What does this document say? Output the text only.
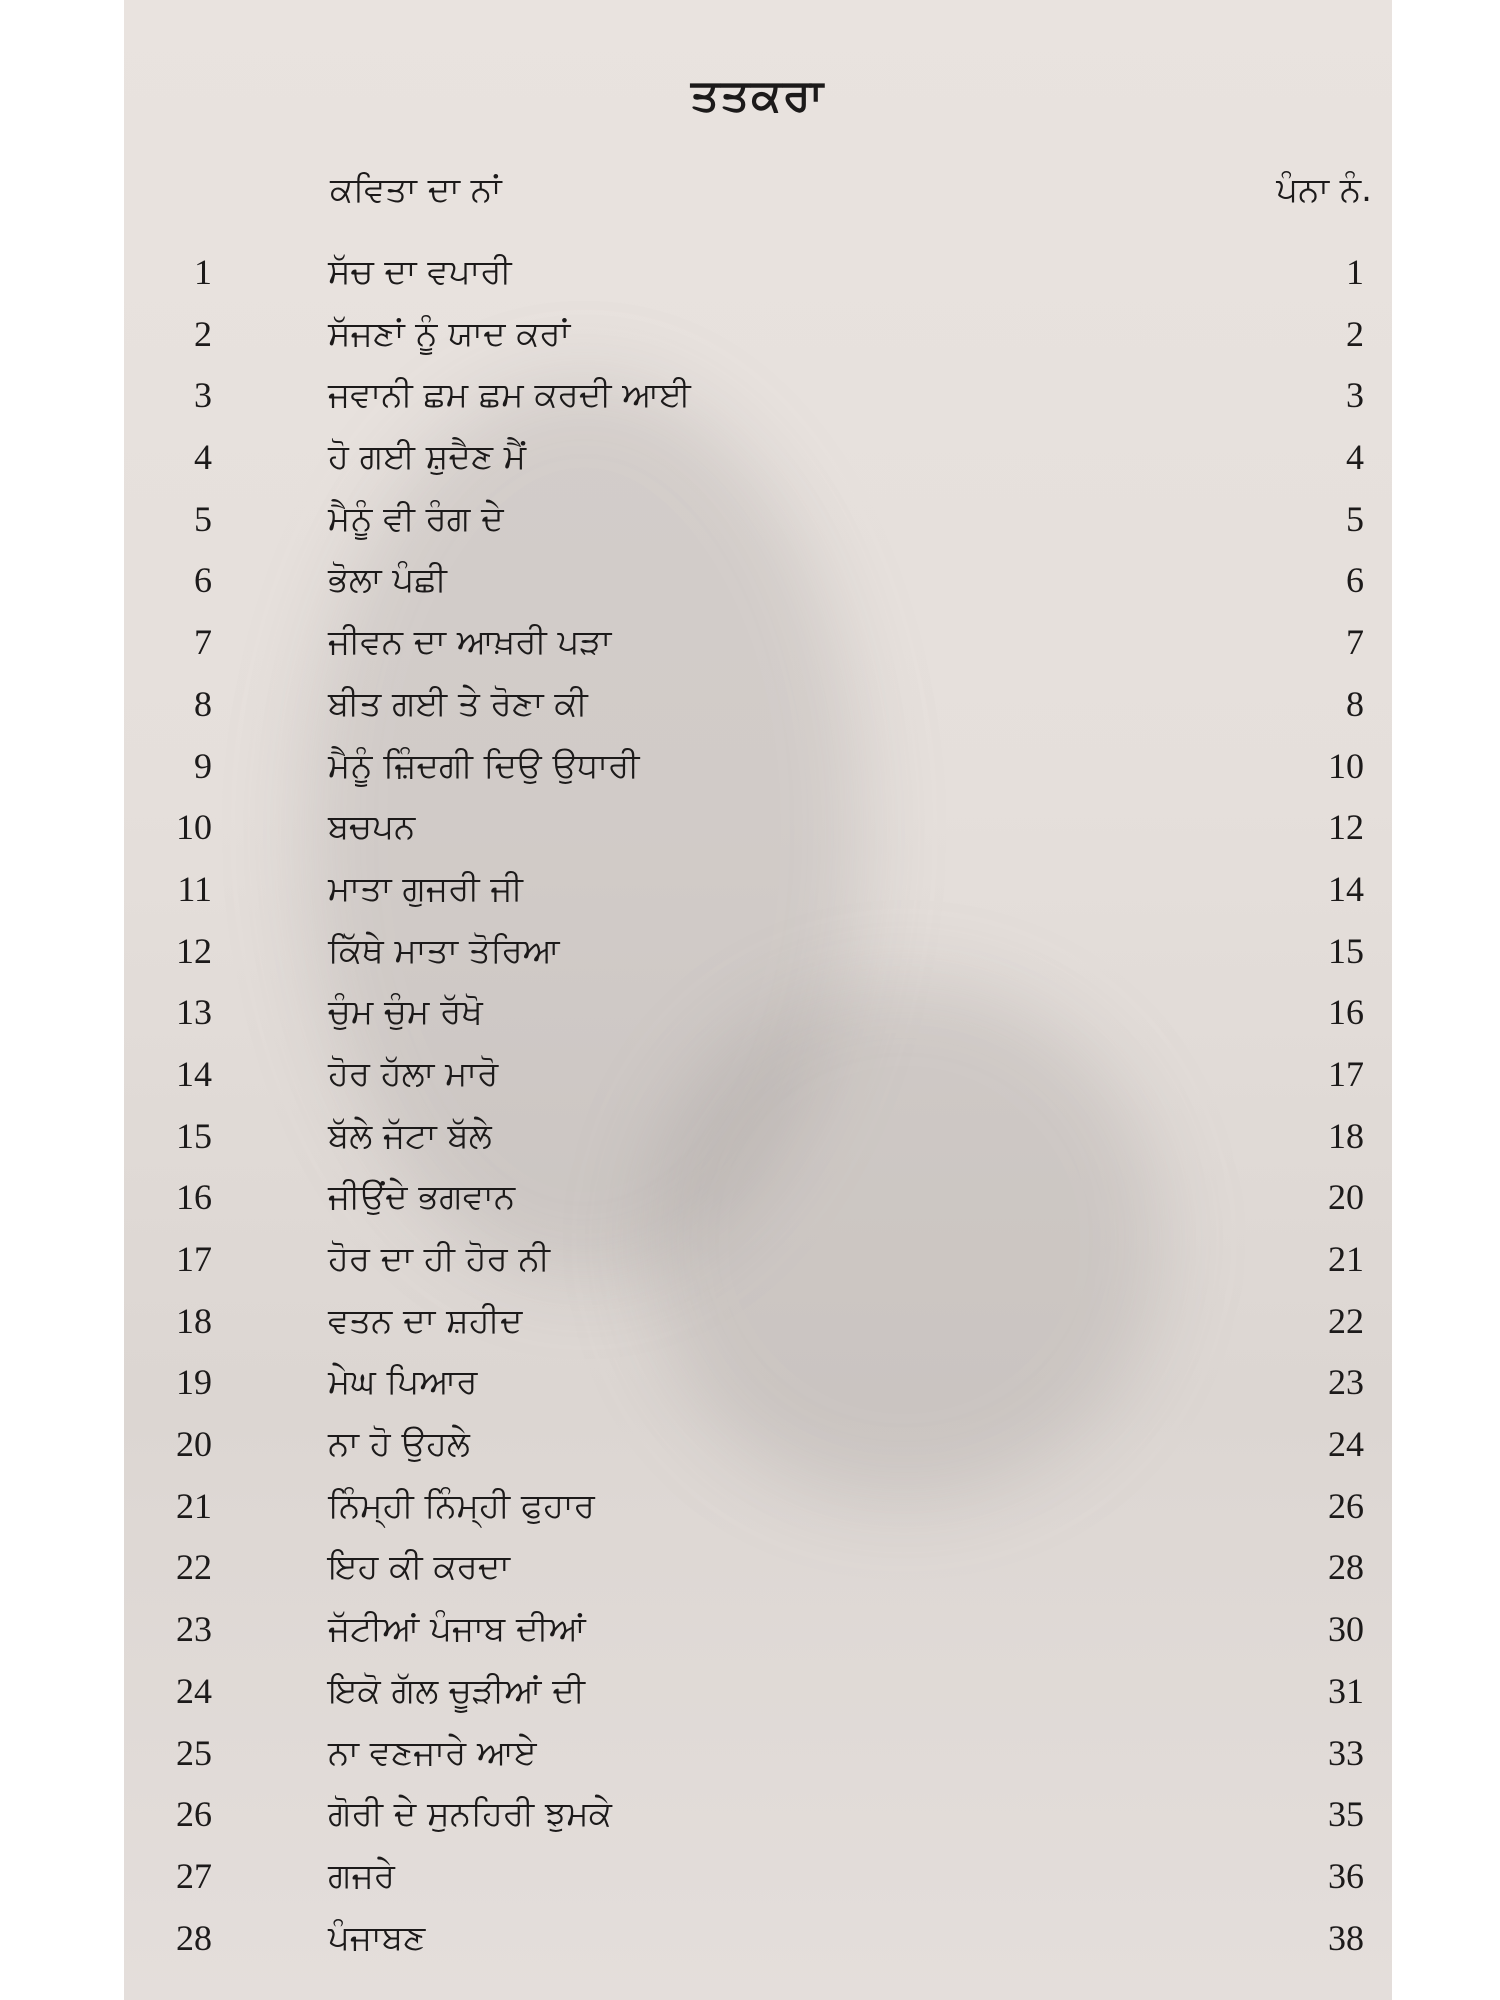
ਤਤਕਰਾ
ਕਵਿਤਾ ਦਾ ਨਾਂ	ਪੰਨਾ ਨੰ.
1	ਸੱਚ ਦਾ ਵਪਾਰੀ	1
2	ਸੱਜਣਾਂ ਨੂੰ ਯਾਦ ਕਰਾਂ	2
3	ਜਵਾਨੀ ਛਮ ਛਮ ਕਰਦੀ ਆਈ	3
4	ਹੋ ਗਈ ਸ਼ੁਦੈਣ ਮੈਂ	4
5	ਮੈਨੂੰ ਵੀ ਰੰਗ ਦੇ	5
6	ਭੋਲਾ ਪੰਛੀ	6
7	ਜੀਵਨ ਦਾ ਆਖ਼ਰੀ ਪੜਾ	7
8	ਬੀਤ ਗਈ ਤੇ ਰੋਣਾ ਕੀ	8
9	ਮੈਨੂੰ ਜ਼ਿੰਦਗੀ ਦਿਉ ਉਧਾਰੀ	10
10	ਬਚਪਨ	12
11	ਮਾਤਾ ਗੁਜਰੀ ਜੀ	14
12	ਕਿੱਥੇ ਮਾਤਾ ਤੋਰਿਆ	15
13	ਚੁੰਮ ਚੁੰਮ ਰੱਖੋ	16
14	ਹੋਰ ਹੱਲਾ ਮਾਰੋ	17
15	ਬੱਲੇ ਜੱਟਾ ਬੱਲੇ	18
16	ਜੀਉਂਦੇ ਭਗਵਾਨ	20
17	ਹੋਰ ਦਾ ਹੀ ਹੋਰ ਨੀ	21
18	ਵਤਨ ਦਾ ਸ਼ਹੀਦ	22
19	ਮੇਘ ਪਿਆਰ	23
20	ਨਾ ਹੋ ਉਹਲੇ	24
21	ਨਿੰਮ੍ਹੀ ਨਿੰਮ੍ਹੀ ਫੁਹਾਰ	26
22	ਇਹ ਕੀ ਕਰਦਾ	28
23	ਜੱਟੀਆਂ ਪੰਜਾਬ ਦੀਆਂ	30
24	ਇਕੋ ਗੱਲ ਚੂੜੀਆਂ ਦੀ	31
25	ਨਾ ਵਣਜਾਰੇ ਆਏ	33
26	ਗੋਰੀ ਦੇ ਸੁਨਹਿਰੀ ਝੁਮਕੇ	35
27	ਗਜਰੇ	36
28	ਪੰਜਾਬਣ	38
